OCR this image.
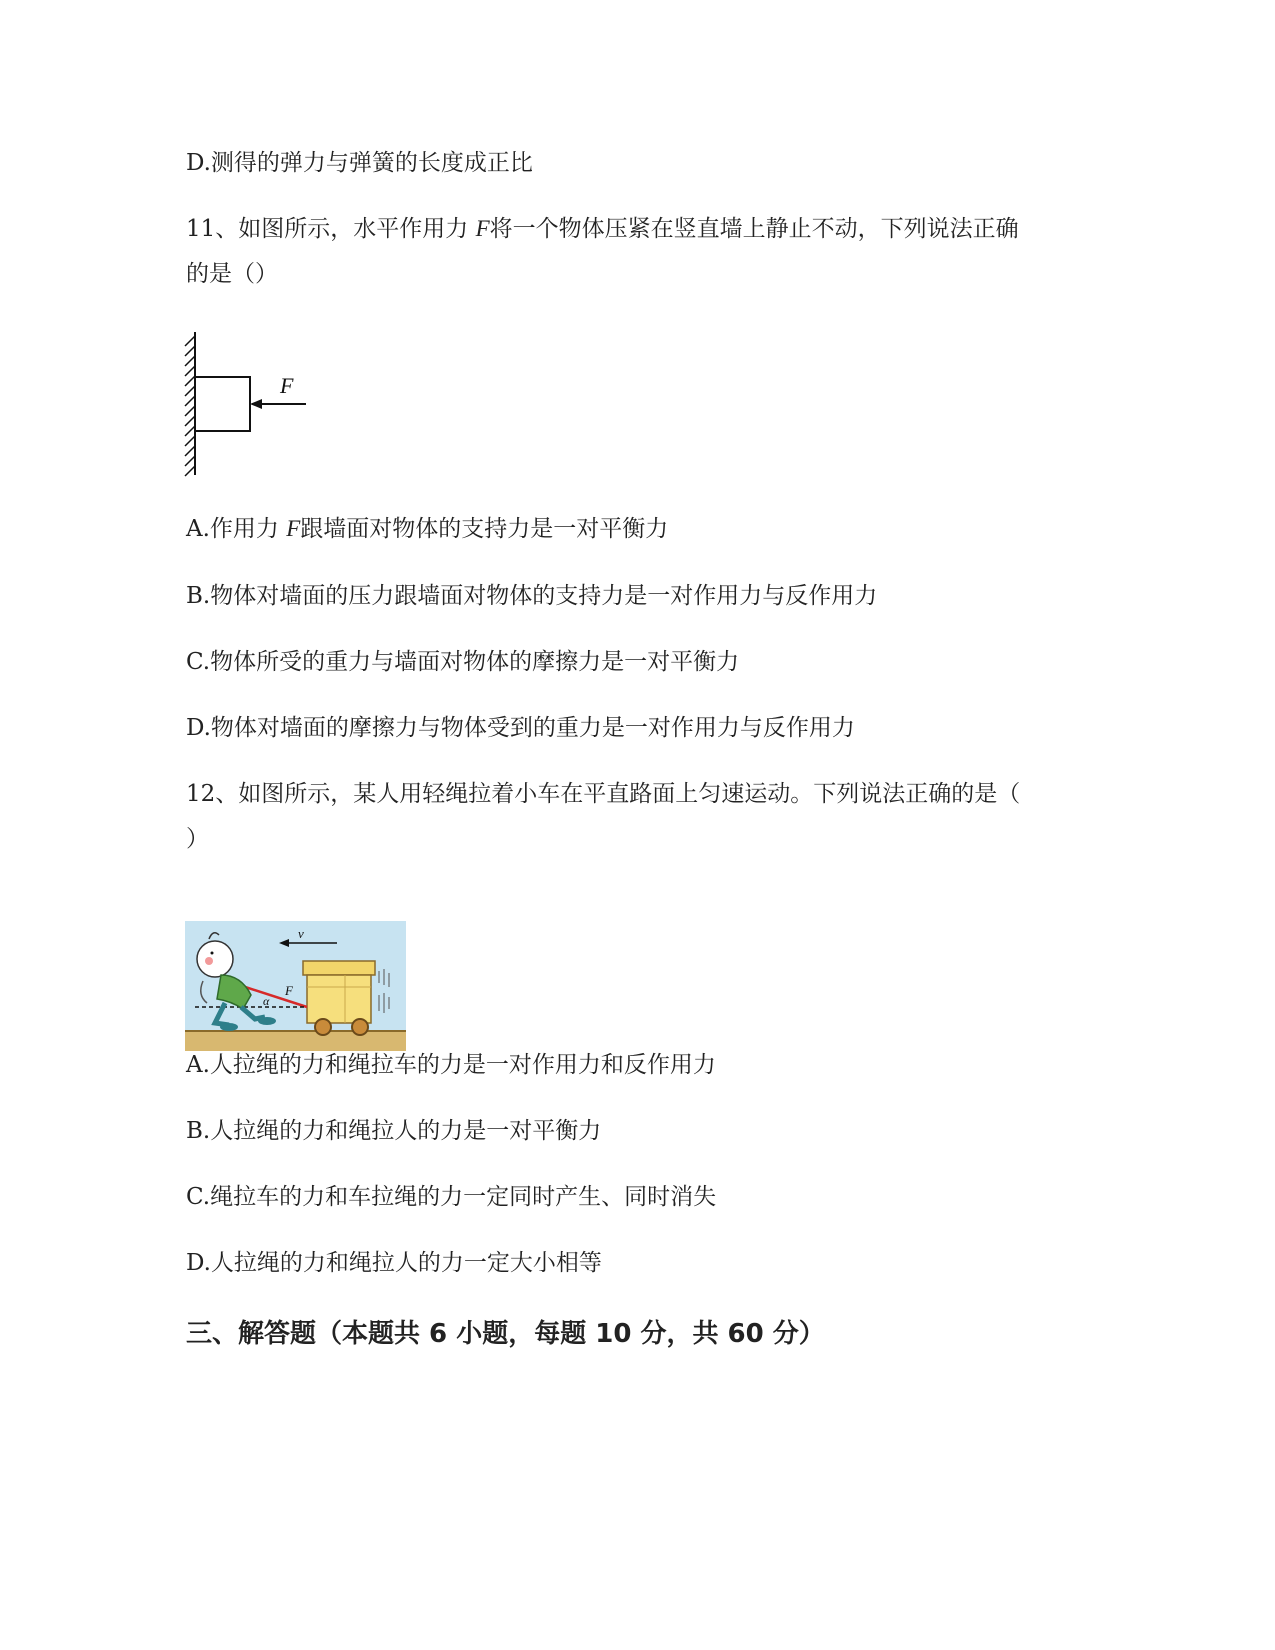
D.测得的弹力与弹簧的长度成正比
11、如图所示，水平作用力 F将一个物体压紧在竖直墙上静止不动，下列说法正确
的是（）
F
A.作用力 F跟墙面对物体的支持力是一对平衡力
B.物体对墙面的压力跟墙面对物体的支持力是一对作用力与反作用力
C.物体所受的重力与墙面对物体的摩擦力是一对平衡力
D.物体对墙面的摩擦力与物体受到的重力是一对作用力与反作用力
12、如图所示，某人用轻绳拉着小车在平直路面上匀速运动。下列说法正确的是（
）
v
F
α
A.人拉绳的力和绳拉车的力是一对作用力和反作用力
B.人拉绳的力和绳拉人的力是一对平衡力
C.绳拉车的力和车拉绳的力一定同时产生、同时消失
D.人拉绳的力和绳拉人的力一定大小相等
三、解答题（本题共 6 小题，每题 10 分，共 60 分）
